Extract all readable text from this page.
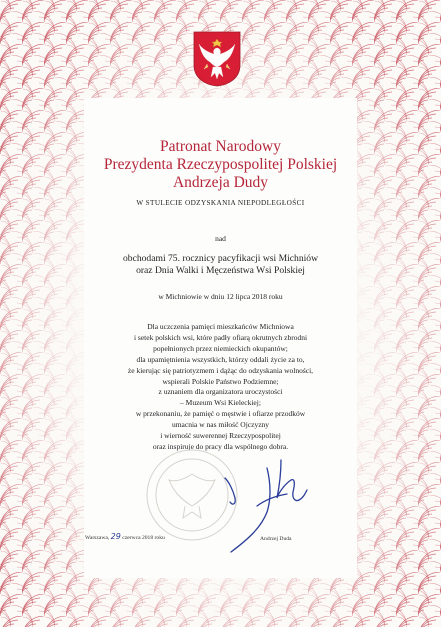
Patronat Narodowy
Prezydenta Rzeczypospolitej Polskiej
Andrzeja Dudy
W STULECIE ODZYSKANIA NIEPODLEGŁOŚCI
nad
obchodami 75. rocznicy pacyfikacji wsi Michniów
oraz Dnia Walki i Męczeństwa Wsi Polskiej
w Michniowie w dniu 12 lipca 2018 roku
Dla uczczenia pamięci mieszkańców Michniowa
i setek polskich wsi, które padły ofiarą okrutnych zbrodni
popełnionych przez niemieckich okupantów;
dla upamiętnienia wszystkich, którzy oddali życie za to,
że kierując się patriotyzmem i dążąc do odzyskania wolności,
wspierali Polskie Państwo Podziemne;
z uznaniem dla organizatora uroczystości
– Muzeum Wsi Kieleckiej;
w przekonaniu, że pamięć o męstwie i ofiarze przodków
umacnia w nas miłość Ojczyzny
i wierność suwerennej Rzeczypospolitej
oraz inspiruje do pracy dla wspólnego dobra.
Andrzej Duda
Warszawa, 29 czerwca 2018 roku
